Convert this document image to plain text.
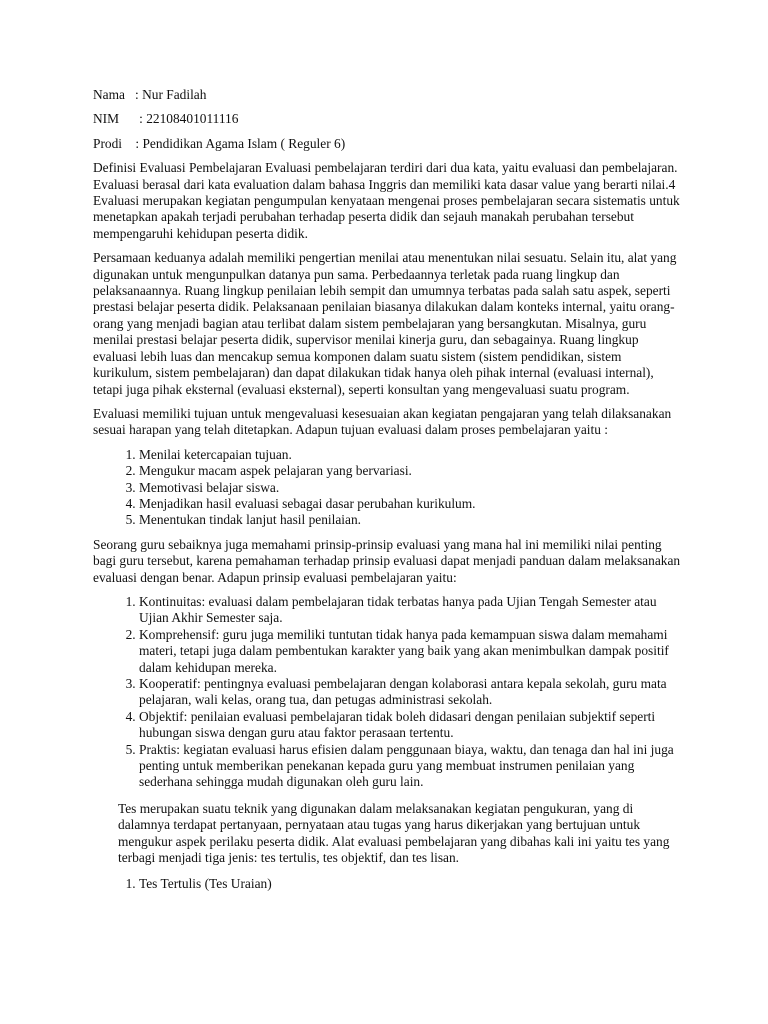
Nama : Nur Fadilah
NIM : 22108401011116
Prodi : Pendidikan Agama Islam ( Reguler 6)

Definisi Evaluasi Pembelajaran Evaluasi pembelajaran terdiri dari dua kata, yaitu evaluasi dan pembelajaran. Evaluasi berasal dari kata evaluation dalam bahasa Inggris dan memiliki kata dasar value yang berarti nilai.4 Evaluasi merupakan kegiatan pengumpulan kenyataan mengenai proses pembelajaran secara sistematis untuk menetapkan apakah terjadi perubahan terhadap peserta didik dan sejauh manakah perubahan tersebut mempengaruhi kehidupan peserta didik.

Persamaan keduanya adalah memiliki pengertian menilai atau menentukan nilai sesuatu. Selain itu, alat yang digunakan untuk mengunpulkan datanya pun sama. Perbedaannya terletak pada ruang lingkup dan pelaksanaannya. Ruang lingkup penilaian lebih sempit dan umumnya terbatas pada salah satu aspek, seperti prestasi belajar peserta didik. Pelaksanaan penilaian biasanya dilakukan dalam konteks internal, yaitu orang-orang yang menjadi bagian atau terlibat dalam sistem pembelajaran yang bersangkutan. Misalnya, guru menilai prestasi belajar peserta didik, supervisor menilai kinerja guru, dan sebagainya. Ruang lingkup evaluasi lebih luas dan mencakup semua komponen dalam suatu sistem (sistem pendidikan, sistem kurikulum, sistem pembelajaran) dan dapat dilakukan tidak hanya oleh pihak internal (evaluasi internal), tetapi juga pihak eksternal (evaluasi eksternal), seperti konsultan yang mengevaluasi suatu program.

Evaluasi memiliki tujuan untuk mengevaluasi kesesuaian akan kegiatan pengajaran yang telah dilaksanakan sesuai harapan yang telah ditetapkan. Adapun tujuan evaluasi dalam proses pembelajaran yaitu :

1. Menilai ketercapaian tujuan.
2. Mengukur macam aspek pelajaran yang bervariasi.
3. Memotivasi belajar siswa.
4. Menjadikan hasil evaluasi sebagai dasar perubahan kurikulum.
5. Menentukan tindak lanjut hasil penilaian.

Seorang guru sebaiknya juga memahami prinsip-prinsip evaluasi yang mana hal ini memiliki nilai penting bagi guru tersebut, karena pemahaman terhadap prinsip evaluasi dapat menjadi panduan dalam melaksanakan evaluasi dengan benar. Adapun prinsip evaluasi pembelajaran yaitu:

1. Kontinuitas: evaluasi dalam pembelajaran tidak terbatas hanya pada Ujian Tengah Semester atau Ujian Akhir Semester saja.
2. Komprehensif: guru juga memiliki tuntutan tidak hanya pada kemampuan siswa dalam memahami materi, tetapi juga dalam pembentukan karakter yang baik yang akan menimbulkan dampak positif dalam kehidupan mereka.
3. Kooperatif: pentingnya evaluasi pembelajaran dengan kolaborasi antara kepala sekolah, guru mata pelajaran, wali kelas, orang tua, dan petugas administrasi sekolah.
4. Objektif: penilaian evaluasi pembelajaran tidak boleh didasari dengan penilaian subjektif seperti hubungan siswa dengan guru atau faktor perasaan tertentu.
5. Praktis: kegiatan evaluasi harus efisien dalam penggunaan biaya, waktu, dan tenaga dan hal ini juga penting untuk memberikan penekanan kepada guru yang membuat instrumen penilaian yang sederhana sehingga mudah digunakan oleh guru lain.

Tes merupakan suatu teknik yang digunakan dalam melaksanakan kegiatan pengukuran, yang di dalamnya terdapat pertanyaan, pernyataan atau tugas yang harus dikerjakan yang bertujuan untuk mengukur aspek perilaku peserta didik. Alat evaluasi pembelajaran yang dibahas kali ini yaitu tes yang terbagi menjadi tiga jenis: tes tertulis, tes objektif, dan tes lisan.

1. Tes Tertulis (Tes Uraian)
